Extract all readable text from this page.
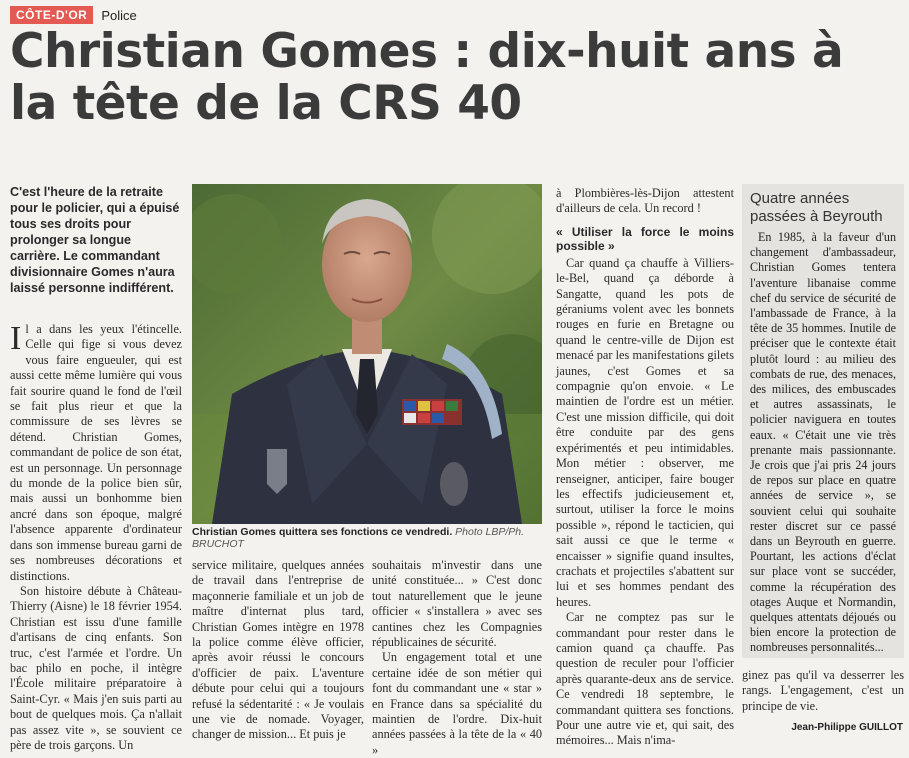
CÔTE-D'OR	Police
Christian Gomes : dix-huit ans à la tête de la CRS 40

C'est l'heure de la retraite pour le policier, qui a épuisé tous ses droits pour prolonger sa longue carrière. Le commandant divisionnaire Gomes n'aura laissé personne indifférent.

Christian Gomes quittera ses fonctions ce vendredi. Photo LBP/Ph. BRUCHOT

Il a dans les yeux l'étincelle. Celle qui fige si vous devez vous faire engueuler, qui est aussi cette même lumière qui vous fait sourire quand le fond de l'œil se fait plus rieur et que la commissure de ses lèvres se détend. Christian Gomes, commandant de police de son état, est un personnage. Un personnage du monde de la police bien sûr, mais aussi un bonhomme bien ancré dans son époque, malgré l'absence apparente d'ordinateur dans son immense bureau garni de ses nombreuses décorations et distinctions.

Son histoire débute à Château-Thierry (Aisne) le 18 février 1954. Christian est issu d'une famille d'artisans de cinq enfants. Son truc, c'est l'armée et l'ordre. Un bac philo en poche, il intègre l'École militaire préparatoire à Saint-Cyr. « Mais j'en suis parti au bout de quelques mois. Ça n'allait pas assez vite », se souvient ce père de trois garçons. Un

service militaire, quelques années de travail dans l'entreprise de maçonnerie familiale et un job de maître d'internat plus tard, Christian Gomes intègre en 1978 la police comme élève officier, après avoir réussi le concours d'officier de paix. L'aventure débute pour celui qui a toujours refusé la sédentarité : « Je voulais une vie de nomade. Voyager, changer de mission... Et puis je

souhaitais m'investir dans une unité constituée... » C'est donc tout naturellement que le jeune officier « s'installera » avec ses cantines chez les Compagnies républicaines de sécurité.

Un engagement total et une certaine idée de son métier qui font du commandant une « star » en France dans sa spécialité du maintien de l'ordre. Dix-huit années passées à la tête de la « 40 »

à Plombières-lès-Dijon attestent d'ailleurs de cela. Un record !

« Utiliser la force le moins possible »

Car quand ça chauffe à Villiers-le-Bel, quand ça déborde à Sangatte, quand les pots de géraniums volent avec les bonnets rouges en furie en Bretagne ou quand le centre-ville de Dijon est menacé par les manifestations gilets jaunes, c'est Gomes et sa compagnie qu'on envoie. « Le maintien de l'ordre est un métier. C'est une mission difficile, qui doit être conduite par des gens expérimentés et peu intimidables. Mon métier : observer, me renseigner, anticiper, faire bouger les effectifs judicieusement et, surtout, utiliser la force le moins possible », répond le tacticien, qui sait aussi ce que le terme « encaisser » signifie quand insultes, crachats et projectiles s'abattent sur lui et ses hommes pendant des heures.

Car ne comptez pas sur le commandant pour rester dans le camion quand ça chauffe. Pas question de reculer pour l'officier après quarante-deux ans de service. Ce vendredi 18 septembre, le commandant quittera ses fonctions. Pour une autre vie et, qui sait, des mémoires... Mais n'ima-

Quatre années passées à Beyrouth

En 1985, à la faveur d'un changement d'ambassadeur, Christian Gomes tentera l'aventure libanaise comme chef du service de sécurité de l'ambassade de France, à la tête de 35 hommes. Inutile de préciser que le contexte était plutôt lourd : au milieu des combats de rue, des menaces, des milices, des embuscades et autres assassinats, le policier naviguera en toutes eaux. « C'était une vie très prenante mais passionnante. Je crois que j'ai pris 24 jours de repos sur place en quatre années de service », se souvient celui qui souhaite rester discret sur ce passé dans un Beyrouth en guerre. Pourtant, les actions d'éclat sur place vont se succéder, comme la récupération des otages Auque et Normandin, quelques attentats déjoués ou bien encore la protection de nombreuses personnalités...

ginez pas qu'il va desserrer les rangs. L'engagement, c'est un principe de vie.

Jean-Philippe GUILLOT
